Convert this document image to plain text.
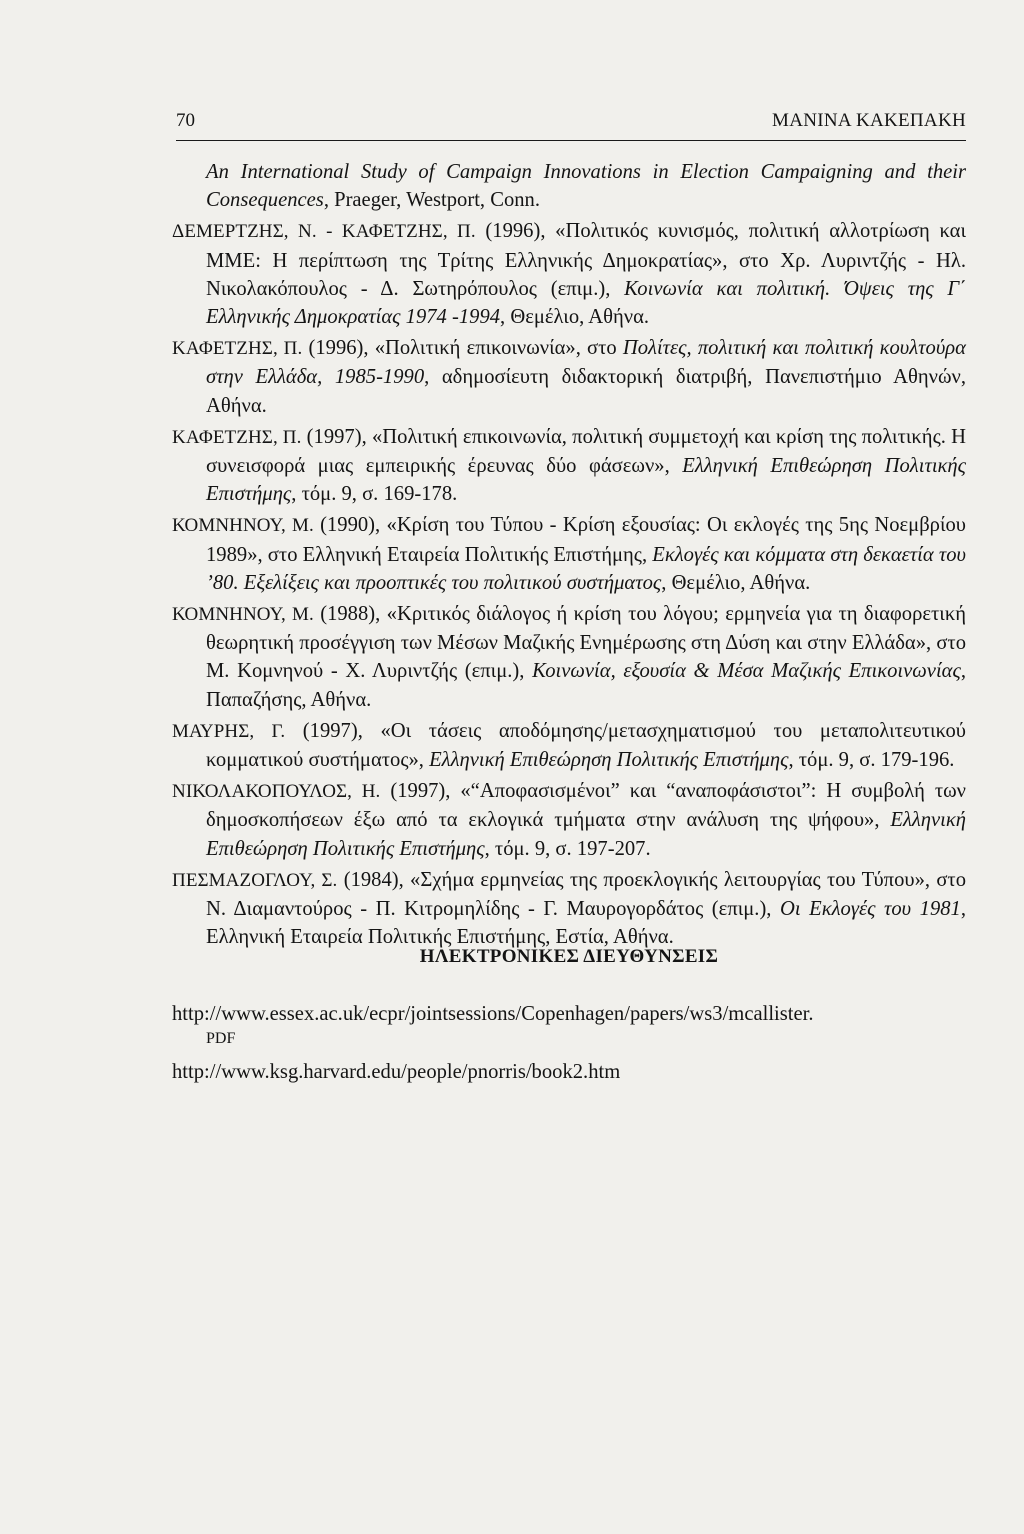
70	ΜΑΝΙΝΑ ΚΑΚΕΠΑΚΗ
An International Study of Campaign Innovations in Election Campaigning and their Consequences, Praeger, Westport, Conn.
ΔΕΜΕΡΤΖΗΣ, Ν. - ΚΑΦΕΤΖΗΣ, Π. (1996), «Πολιτικός κυνισμός, πολιτική αλλοτρίωση και ΜΜΕ: Η περίπτωση της Τρίτης Ελληνικής Δημοκρατίας», στο Χρ. Λυριντζής - Ηλ. Νικολακόπουλος - Δ. Σωτηρόπουλος (επιμ.), Κοινωνία και πολιτική. Όψεις της Γ΄ Ελληνικής Δημοκρατίας 1974 -1994, Θεμέλιο, Αθήνα.
ΚΑΦΕΤΖΗΣ, Π. (1996), «Πολιτική επικοινωνία», στο Πολίτες, πολιτική και πολιτική κουλτούρα στην Ελλάδα, 1985-1990, αδημοσίευτη διδακτορική διατριβή, Πανεπιστήμιο Αθηνών, Αθήνα.
ΚΑΦΕΤΖΗΣ, Π. (1997), «Πολιτική επικοινωνία, πολιτική συμμετοχή και κρίση της πολιτικής. Η συνεισφορά μιας εμπειρικής έρευνας δύο φάσεων», Ελληνική Επιθεώρηση Πολιτικής Επιστήμης, τόμ. 9, σ. 169-178.
ΚΟΜΝΗΝΟΥ, Μ. (1990), «Κρίση του Τύπου - Κρίση εξουσίας: Οι εκλογές της 5ης Νοεμβρίου 1989», στο Ελληνική Εταιρεία Πολιτικής Επιστήμης, Εκλογές και κόμματα στη δεκαετία του ’80. Εξελίξεις και προοπτικές του πολιτικού συστήματος, Θεμέλιο, Αθήνα.
ΚΟΜΝΗΝΟΥ, Μ. (1988), «Κριτικός διάλογος ή κρίση του λόγου; ερμηνεία για τη διαφορετική θεωρητική προσέγγιση των Μέσων Μαζικής Ενημέρωσης στη Δύση και στην Ελλάδα», στο Μ. Κομνηνού - Χ. Λυριντζής (επιμ.), Κοινωνία, εξουσία & Μέσα Μαζικής Επικοινωνίας, Παπαζήσης, Αθήνα.
ΜΑΥΡΗΣ, Γ. (1997), «Οι τάσεις αποδόμησης/μετασχηματισμού του μεταπολιτευτικού κομματικού συστήματος», Ελληνική Επιθεώρηση Πολιτικής Επιστήμης, τόμ. 9, σ. 179-196.
ΝΙΚΟΛΑΚΟΠΟΥΛΟΣ, Η. (1997), «“Αποφασισμένοι” και “αναποφάσιστοι”: Η συμβολή των δημοσκοπήσεων έξω από τα εκλογικά τμήματα στην ανάλυση της ψήφου», Ελληνική Επιθεώρηση Πολιτικής Επιστήμης, τόμ. 9, σ. 197-207.
ΠΕΣΜΑΖΟΓΛΟΥ, Σ. (1984), «Σχήμα ερμηνείας της προεκλογικής λειτουργίας του Τύπου», στο Ν. Διαμαντούρος - Π. Κιτρομηλίδης - Γ. Μαυρογορδάτος (επιμ.), Οι Εκλογές του 1981, Ελληνική Εταιρεία Πολιτικής Επιστήμης, Εστία, Αθήνα.
ΗΛΕΚΤΡΟΝΙΚΕΣ ΔΙΕΥΘΥΝΣΕΙΣ
http://www.essex.ac.uk/ecpr/jointsessions/Copenhagen/papers/ws3/mcallister.
PDF
http://www.ksg.harvard.edu/people/pnorris/book2.htm
